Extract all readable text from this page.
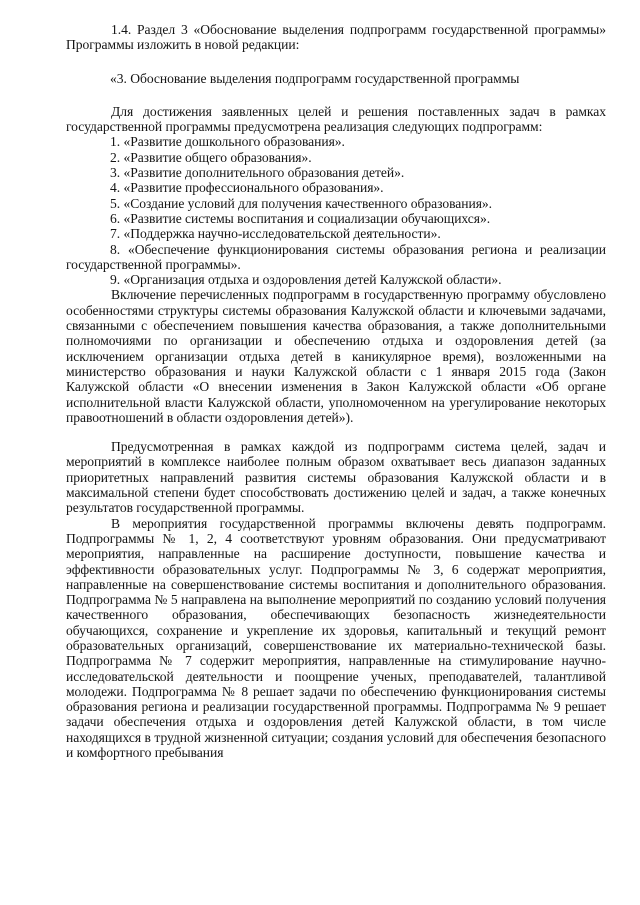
1.4. Раздел 3 «Обоснование выделения подпрограмм государственной программы» Программы изложить в новой редакции:

«3. Обоснование выделения подпрограмм государственной программы

Для достижения заявленных целей и решения поставленных задач в рамках государственной программы предусмотрена реализация следующих подпрограмм:

1. «Развитие дошкольного образования».

2. «Развитие общего образования».

3. «Развитие дополнительного образования детей».

4. «Развитие профессионального образования».

5. «Создание условий для получения качественного образования».

6. «Развитие системы воспитания и социализации обучающихся».

7. «Поддержка научно-исследовательской деятельности».

8. «Обеспечение функционирования системы образования региона и реализации государственной программы».

9. «Организация отдыха и оздоровления детей Калужской области».

Включение перечисленных подпрограмм в государственную программу обусловлено особенностями структуры системы образования Калужской области и ключевыми задачами, связанными с обеспечением повышения качества образования, а также дополнительными полномочиями по организации и обеспечению отдыха и оздоровления детей (за исключением организации отдыха детей в каникулярное время), возложенными на министерство образования и науки Калужской области с 1 января 2015 года (Закон Калужской области «О внесении изменения в Закон Калужской области «Об органе исполнительной власти Калужской области, уполномоченном на урегулирование некоторых правоотношений в области оздоровления детей»).

Предусмотренная в рамках каждой из подпрограмм система целей, задач и мероприятий в комплексе наиболее полным образом охватывает весь диапазон заданных приоритетных направлений развития системы образования Калужской области и в максимальной степени будет способствовать достижению целей и задач, а также конечных результатов государственной программы.

В мероприятия государственной программы включены девять подпрограмм. Подпрограммы № 1, 2, 4 соответствуют уровням образования. Они предусматривают мероприятия, направленные на расширение доступности, повышение качества и эффективности образовательных услуг. Подпрограммы № 3, 6 содержат мероприятия, направленные на совершенствование системы воспитания и дополнительного образования. Подпрограмма № 5 направлена на выполнение мероприятий по созданию условий получения качественного образования, обеспечивающих безопасность жизнедеятельности обучающихся, сохранение и укрепление их здоровья, капитальный и текущий ремонт образовательных организаций, совершенствование их материально-технической базы. Подпрограмма № 7 содержит мероприятия, направленные на стимулирование научно-исследовательской деятельности и поощрение ученых, преподавателей, талантливой молодежи. Подпрограмма № 8 решает задачи по обеспечению функционирования системы образования региона и реализации государственной программы. Подпрограмма № 9 решает задачи обеспечения отдыха и оздоровления детей Калужской области, в том числе находящихся в трудной жизненной ситуации; создания условий для обеспечения безопасного и комфортного пребывания
